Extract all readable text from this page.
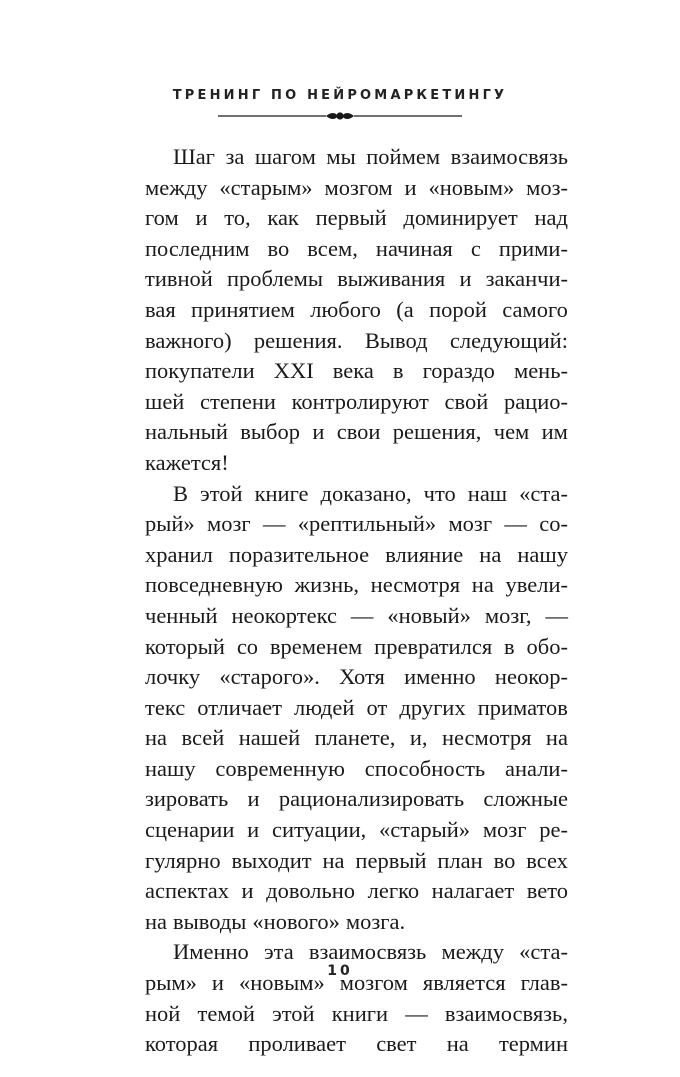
ТРЕНИНГ ПО НЕЙРОМАРКЕТИНГУ
Шаг за шагом мы поймем взаимосвязь
между «старым» мозгом и «новым» моз-
гом и то, как первый доминирует над
последним во всем, начиная с прими-
тивной проблемы выживания и заканчи-
вая принятием любого (а порой самого
важного) решения. Вывод следующий:
покупатели XXI века в гораздо мень-
шей степени контролируют свой рацио-
нальный выбор и свои решения, чем им
кажется!
В этой книге доказано, что наш «ста-
рый» мозг — «рептильный» мозг — со-
хранил поразительное влияние на нашу
повседневную жизнь, несмотря на увели-
ченный неокортекс — «новый» мозг, —
который со временем превратился в обо-
лочку «старого». Хотя именно неокор-
текс отличает людей от других приматов
на всей нашей планете, и, несмотря на
нашу современную способность анали-
зировать и рационализировать сложные
сценарии и ситуации, «старый» мозг ре-
гулярно выходит на первый план во всех
аспектах и довольно легко налагает вето
на выводы «нового» мозга.
Именно эта взаимосвязь между «ста-
рым» и «новым» мозгом является глав-
ной темой этой книги — взаимосвязь,
которая проливает свет на термин
10
